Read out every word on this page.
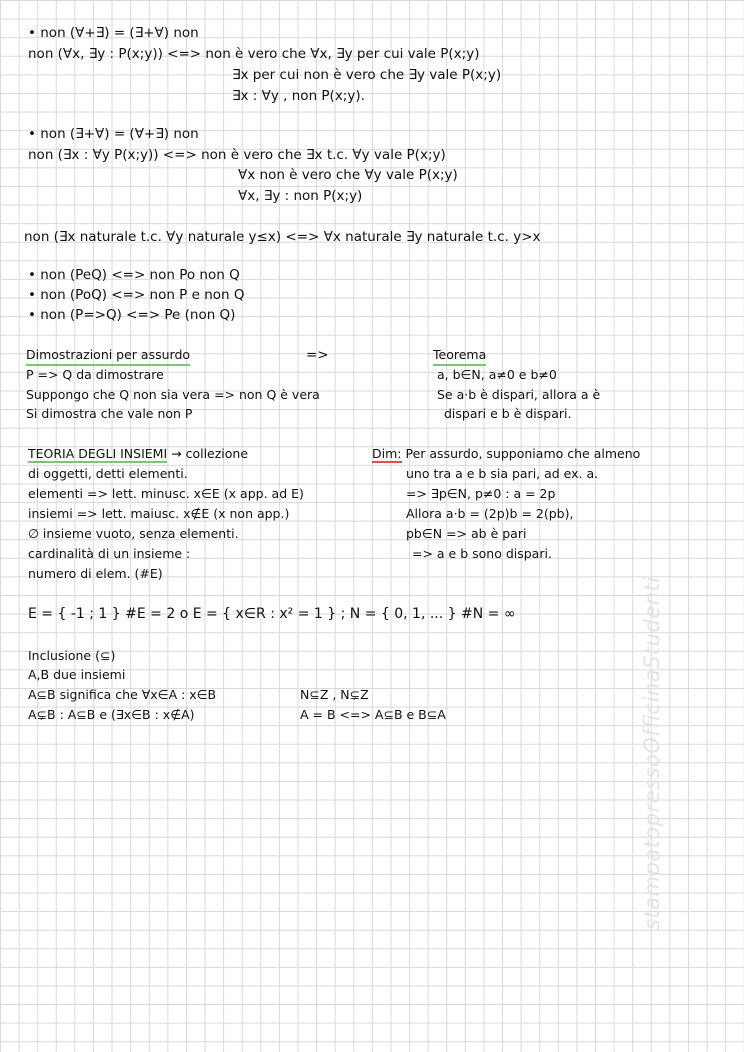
stampatopressoOfficinaStudenti
• non (∀+∃) = (∃+∀) non
non (∀x, ∃y : P(x;y)) <=> non è vero che ∀x, ∃y per cui vale P(x;y)
∃x per cui non è vero che ∃y vale P(x;y)
∃x : ∀y , non P(x;y).
• non (∃+∀) = (∀+∃) non
non (∃x : ∀y P(x;y)) <=> non è vero che ∃x t.c. ∀y vale P(x;y)
∀x non è vero che ∀y vale P(x;y)
∀x, ∃y : non P(x;y)
non (∃x naturale t.c. ∀y naturale y≤x) <=> ∀x naturale ∃y naturale t.c. y>x
• non (PeQ) <=> non Po non Q
• non (PoQ) <=> non P e non Q
• non (P=>Q) <=> Pe (non Q)
Dimostrazioni per assurdo	=>
P => Q da dimostrare
Suppongo che Q non sia vera => non Q è vera
Si dimostra che vale non P
Teorema
a, b∈N, a≠0 e b≠0
Se a·b è dispari, allora a è
dispari e b è dispari.
TEORIA DEGLI INSIEMI → collezione
di oggetti, detti elementi.
elementi => lett. minusc. x∈E (x app. ad E)
insiemi => lett. maiusc. x∉E (x non app.)
∅ insieme vuoto, senza elementi.
cardinalità di un insieme :
numero di elem. (#E)
Dim: Per assurdo, supponiamo che almeno
uno tra a e b sia pari, ad ex. a.
=> ∃p∈N, p≠0 : a = 2p
Allora a·b = (2p)b = 2(pb),
pb∈N => ab è pari
=> a e b sono dispari.
E = { -1 ; 1 } #E = 2 o E = { x∈R : x² = 1 } ; N = { 0, 1, ... } #N = ∞
Inclusione (⊆)
A,B due insiemi
A⊆B significa che ∀x∈A : x∈B
A⊊B : A⊆B e (∃x∈B : x∉A)
N⊆Z , N⊊Z
A = B <=> A⊆B e B⊆A
